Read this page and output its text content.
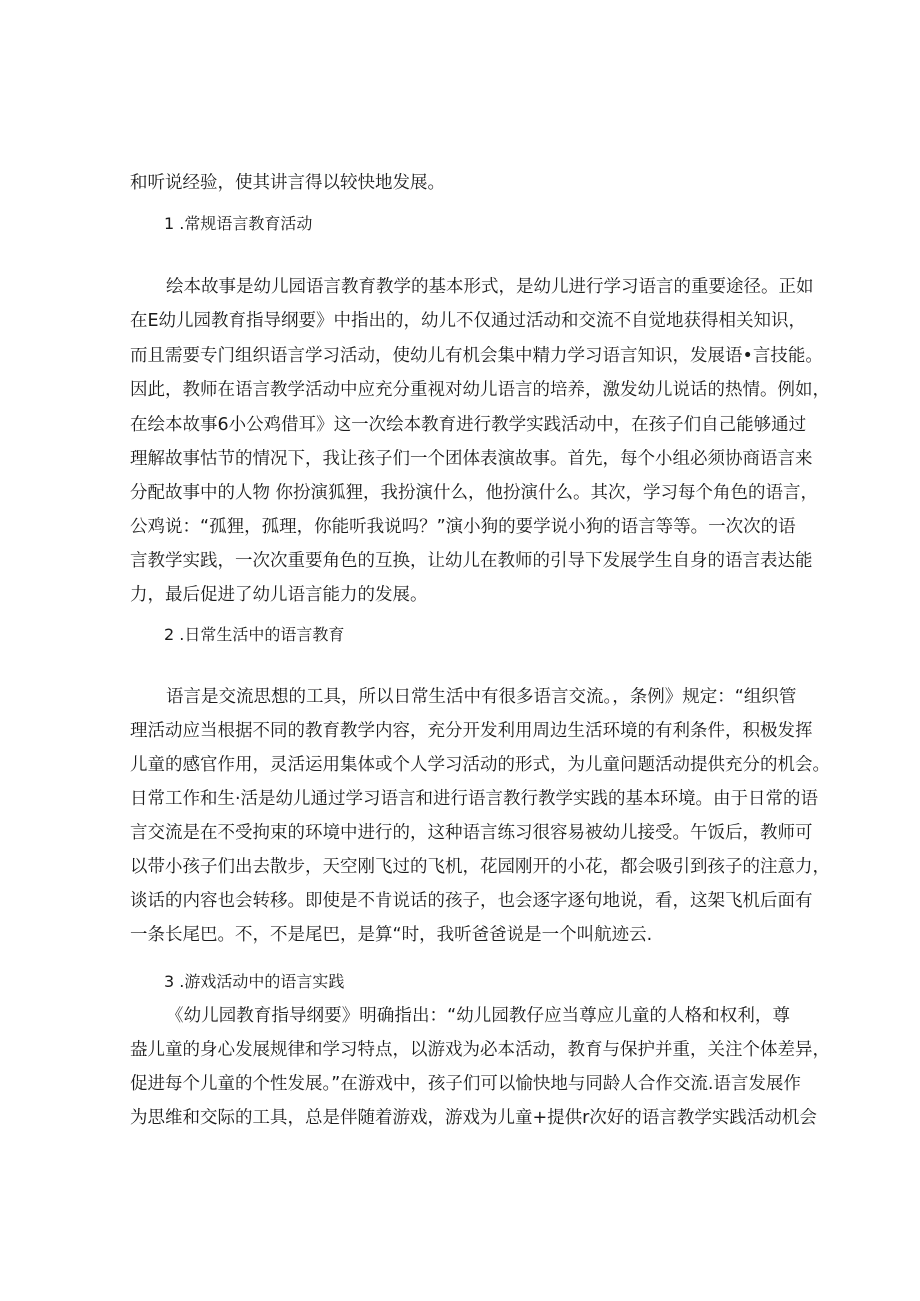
和听说经验，使其讲言得以较快地发展。
1 .常规语言教育活动
绘本故事是幼儿园语言教育教学的基本形式，是幼儿进行学习语言的重要途径。正如
在E幼儿园教育指导纲要》中指出的，幼儿不仅通过活动和交流不自觉地获得相关知识，
而且需要专门组织语言学习活动，使幼儿有机会集中精力学习语言知识，发展语•言技能。
因此，教师在语言教学活动中应充分重视对幼儿语言的培养，激发幼儿说话的热情。例如，
在绘本故事6小公鸡借耳》这一次绘本教育进行教学实践活动中，在孩子们自己能够通过
理解故事怙节的情况下，我让孩子们一个团体表演故事。首先，每个小组必须协商语言来
分配故事中的人物 你扮演狐狸，我扮演什么，他扮演什么。其次，学习每个角色的语言，
公鸡说：“孤狸，孤理，你能听我说吗？”演小狗的要学说小狗的语言等等。一次次的语
言教学实践，一次次重要角色的互换，让幼儿在教师的引导下发展学生自身的语言表达能
力，最后促进了幼儿语言能力的发展。
2 .日常生活中的语言教育
语言是交流思想的工具，所以日常生活中有很多语言交流。，条例》规定：“组织管
理活动应当根据不同的教育教学内容，充分开发利用周边生活环境的有利条件，积极发挥
儿童的感官作用，灵活运用集体或个人学习活动的形式，为儿童问题活动提供充分的机会。
日常工作和生·活是幼儿通过学习语言和进行语言教行教学实践的基本环境。由于日常的语
言交流是在不受拘束的环境中进行的，这种语言练习很容易被幼儿接受。午饭后，教师可
以带小孩子们出去散步，天空刚飞过的飞机，花园刚开的小花，都会吸引到孩子的注意力，
谈话的内容也会转移。即使是不肯说话的孩子，也会逐字逐句地说，看，这架飞机后面有
一条长尾巴。不，不是尾巴，是算“时，我听爸爸说是一个叫航迹云.
3 .游戏活动中的语言实践
《幼儿园教育指导纲要》明确指出：“幼儿园教仔应当尊应儿童的人格和权利，尊
盎儿童的身心发展规律和学习特点，以游戏为必本活动，教育与保护并重，关注个体差异，
促进每个儿童的个性发展。”在游戏中，孩子们可以愉快地与同龄人合作交流.语言发展作
为思维和交际的工具，总是伴随着游戏，游戏为儿童+提供r次好的语言教学实践活动机会
